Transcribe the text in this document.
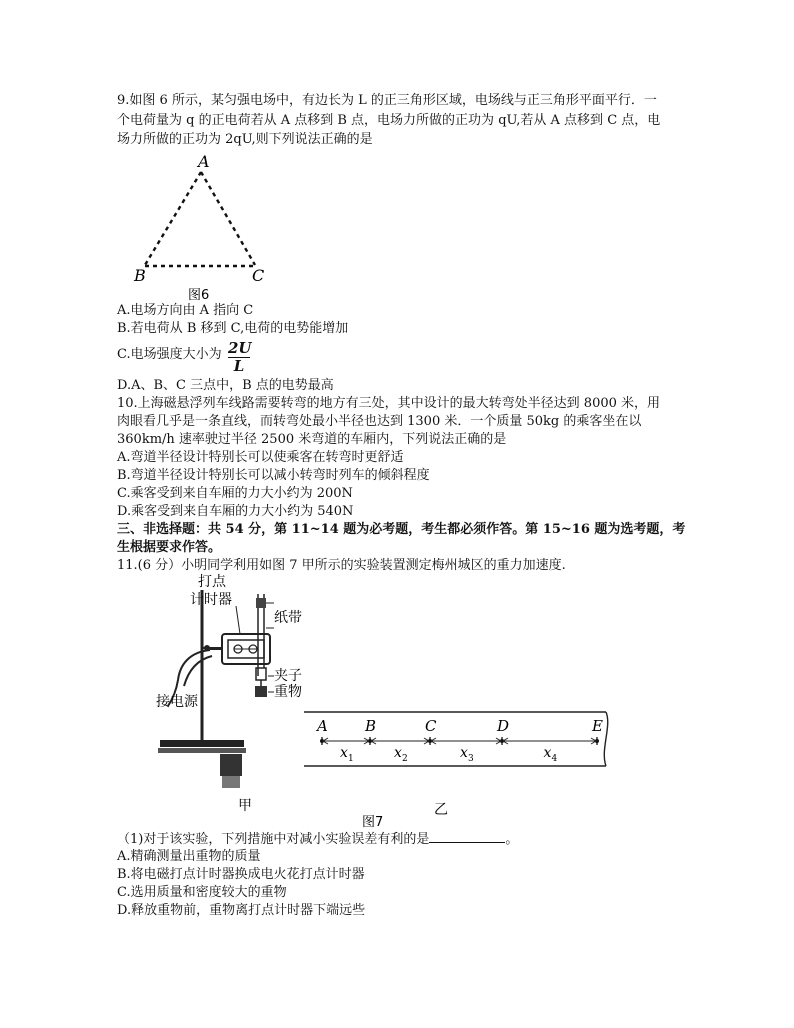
9.如图 6 所示，某匀强电场中，有边长为 L 的正三角形区域，电场线与正三角形平面平行．一
个电荷量为 q 的正电荷若从 A 点移到 B 点，电场力所做的正功为 qU,若从 A 点移到 C 点，电
场力所做的正功为 2qU,则下列说法正确的是
A
B	C
图6
A.电场方向由 A 指向 C
B.若电荷从 B 移到 C,电荷的电势能增加
C.电场强度大小为 $\frac{2U}{L}$
D.A、B、C 三点中，B 点的电势最高
10.上海磁悬浮列车线路需要转弯的地方有三处，其中设计的最大转弯处半径达到 8000 米，用
肉眼看几乎是一条直线，而转弯处最小半径也达到 1300 米．一个质量 50kg 的乘客坐在以
360km/h 速率驶过半径 2500 米弯道的车厢内，下列说法正确的是
A.弯道半径设计特别长可以使乘客在转弯时更舒适
B.弯道半径设计特别长可以减小转弯时列车的倾斜程度
C.乘客受到来自车厢的力大小约为 200N
D.乘客受到来自车厢的力大小约为 540N
三、非选择题：共 54 分，第 11~14 题为必考题，考生都必须作答。第 15~16 题为选考题，考
生根据要求作答。
11.(6 分）小明同学利用如图 7 甲所示的实验装置测定梅州城区的重力加速度.
打点
计时器
纸带
夹子
重物
接电源
甲
A B	C	D	E
x 1	x 2	x 3	x 4
乙
图7
（1)对于该实验，下列措施中对减小实验误差有利的是	。
A.精确测量出重物的质量
B.将电磁打点计时器换成电火花打点计时器
C.选用质量和密度较大的重物
D.释放重物前，重物离打点计时器下端远些
